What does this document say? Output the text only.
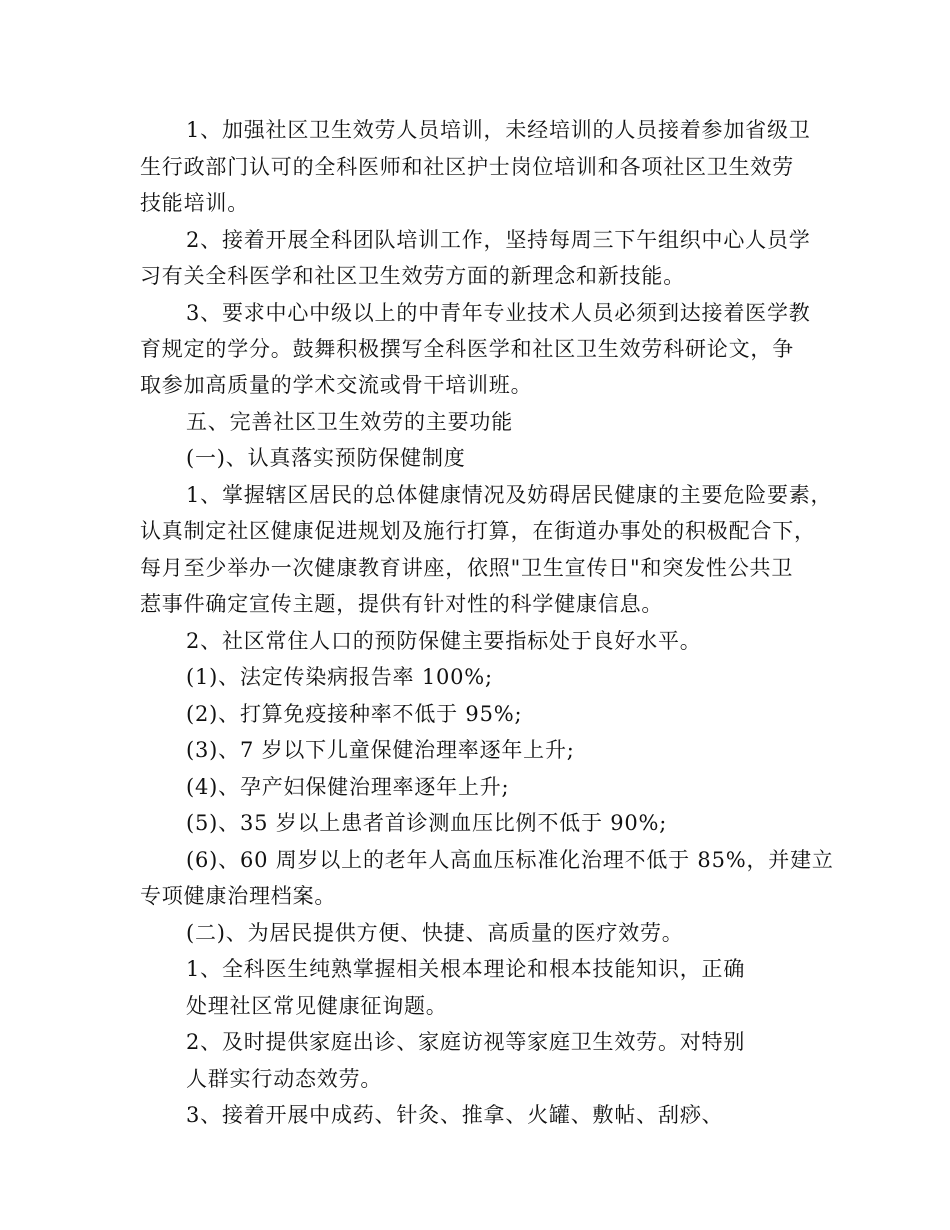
1、加强社区卫生效劳人员培训，未经培训的人员接着参加省级卫
生行政部门认可的全科医师和社区护士岗位培训和各项社区卫生效劳
技能培训。
2、接着开展全科团队培训工作，坚持每周三下午组织中心人员学
习有关全科医学和社区卫生效劳方面的新理念和新技能。
3、要求中心中级以上的中青年专业技术人员必须到达接着医学教
育规定的学分。鼓舞积极撰写全科医学和社区卫生效劳科研论文，争
取参加高质量的学术交流或骨干培训班。
五、完善社区卫生效劳的主要功能
(一)、认真落实预防保健制度
1、掌握辖区居民的总体健康情况及妨碍居民健康的主要危险要素，
认真制定社区健康促进规划及施行打算，在街道办事处的积极配合下，
每月至少举办一次健康教育讲座，依照"卫生宣传日"和突发性公共卫
惹事件确定宣传主题，提供有针对性的科学健康信息。
2、社区常住人口的预防保健主要指标处于良好水平。
(1)、法定传染病报告率 100%;
(2)、打算免疫接种率不低于 95%;
(3)、7 岁以下儿童保健治理率逐年上升;
(4)、孕产妇保健治理率逐年上升;
(5)、35 岁以上患者首诊测血压比例不低于 90%;
(6)、60 周岁以上的老年人高血压标准化治理不低于 85%，并建立
专项健康治理档案。
(二)、为居民提供方便、快捷、高质量的医疗效劳。
1、全科医生纯熟掌握相关根本理论和根本技能知识，正确
处理社区常见健康征询题。
2、及时提供家庭出诊、家庭访视等家庭卫生效劳。对特别
人群实行动态效劳。
3、接着开展中成药、针灸、推拿、火罐、敷帖、刮痧、
